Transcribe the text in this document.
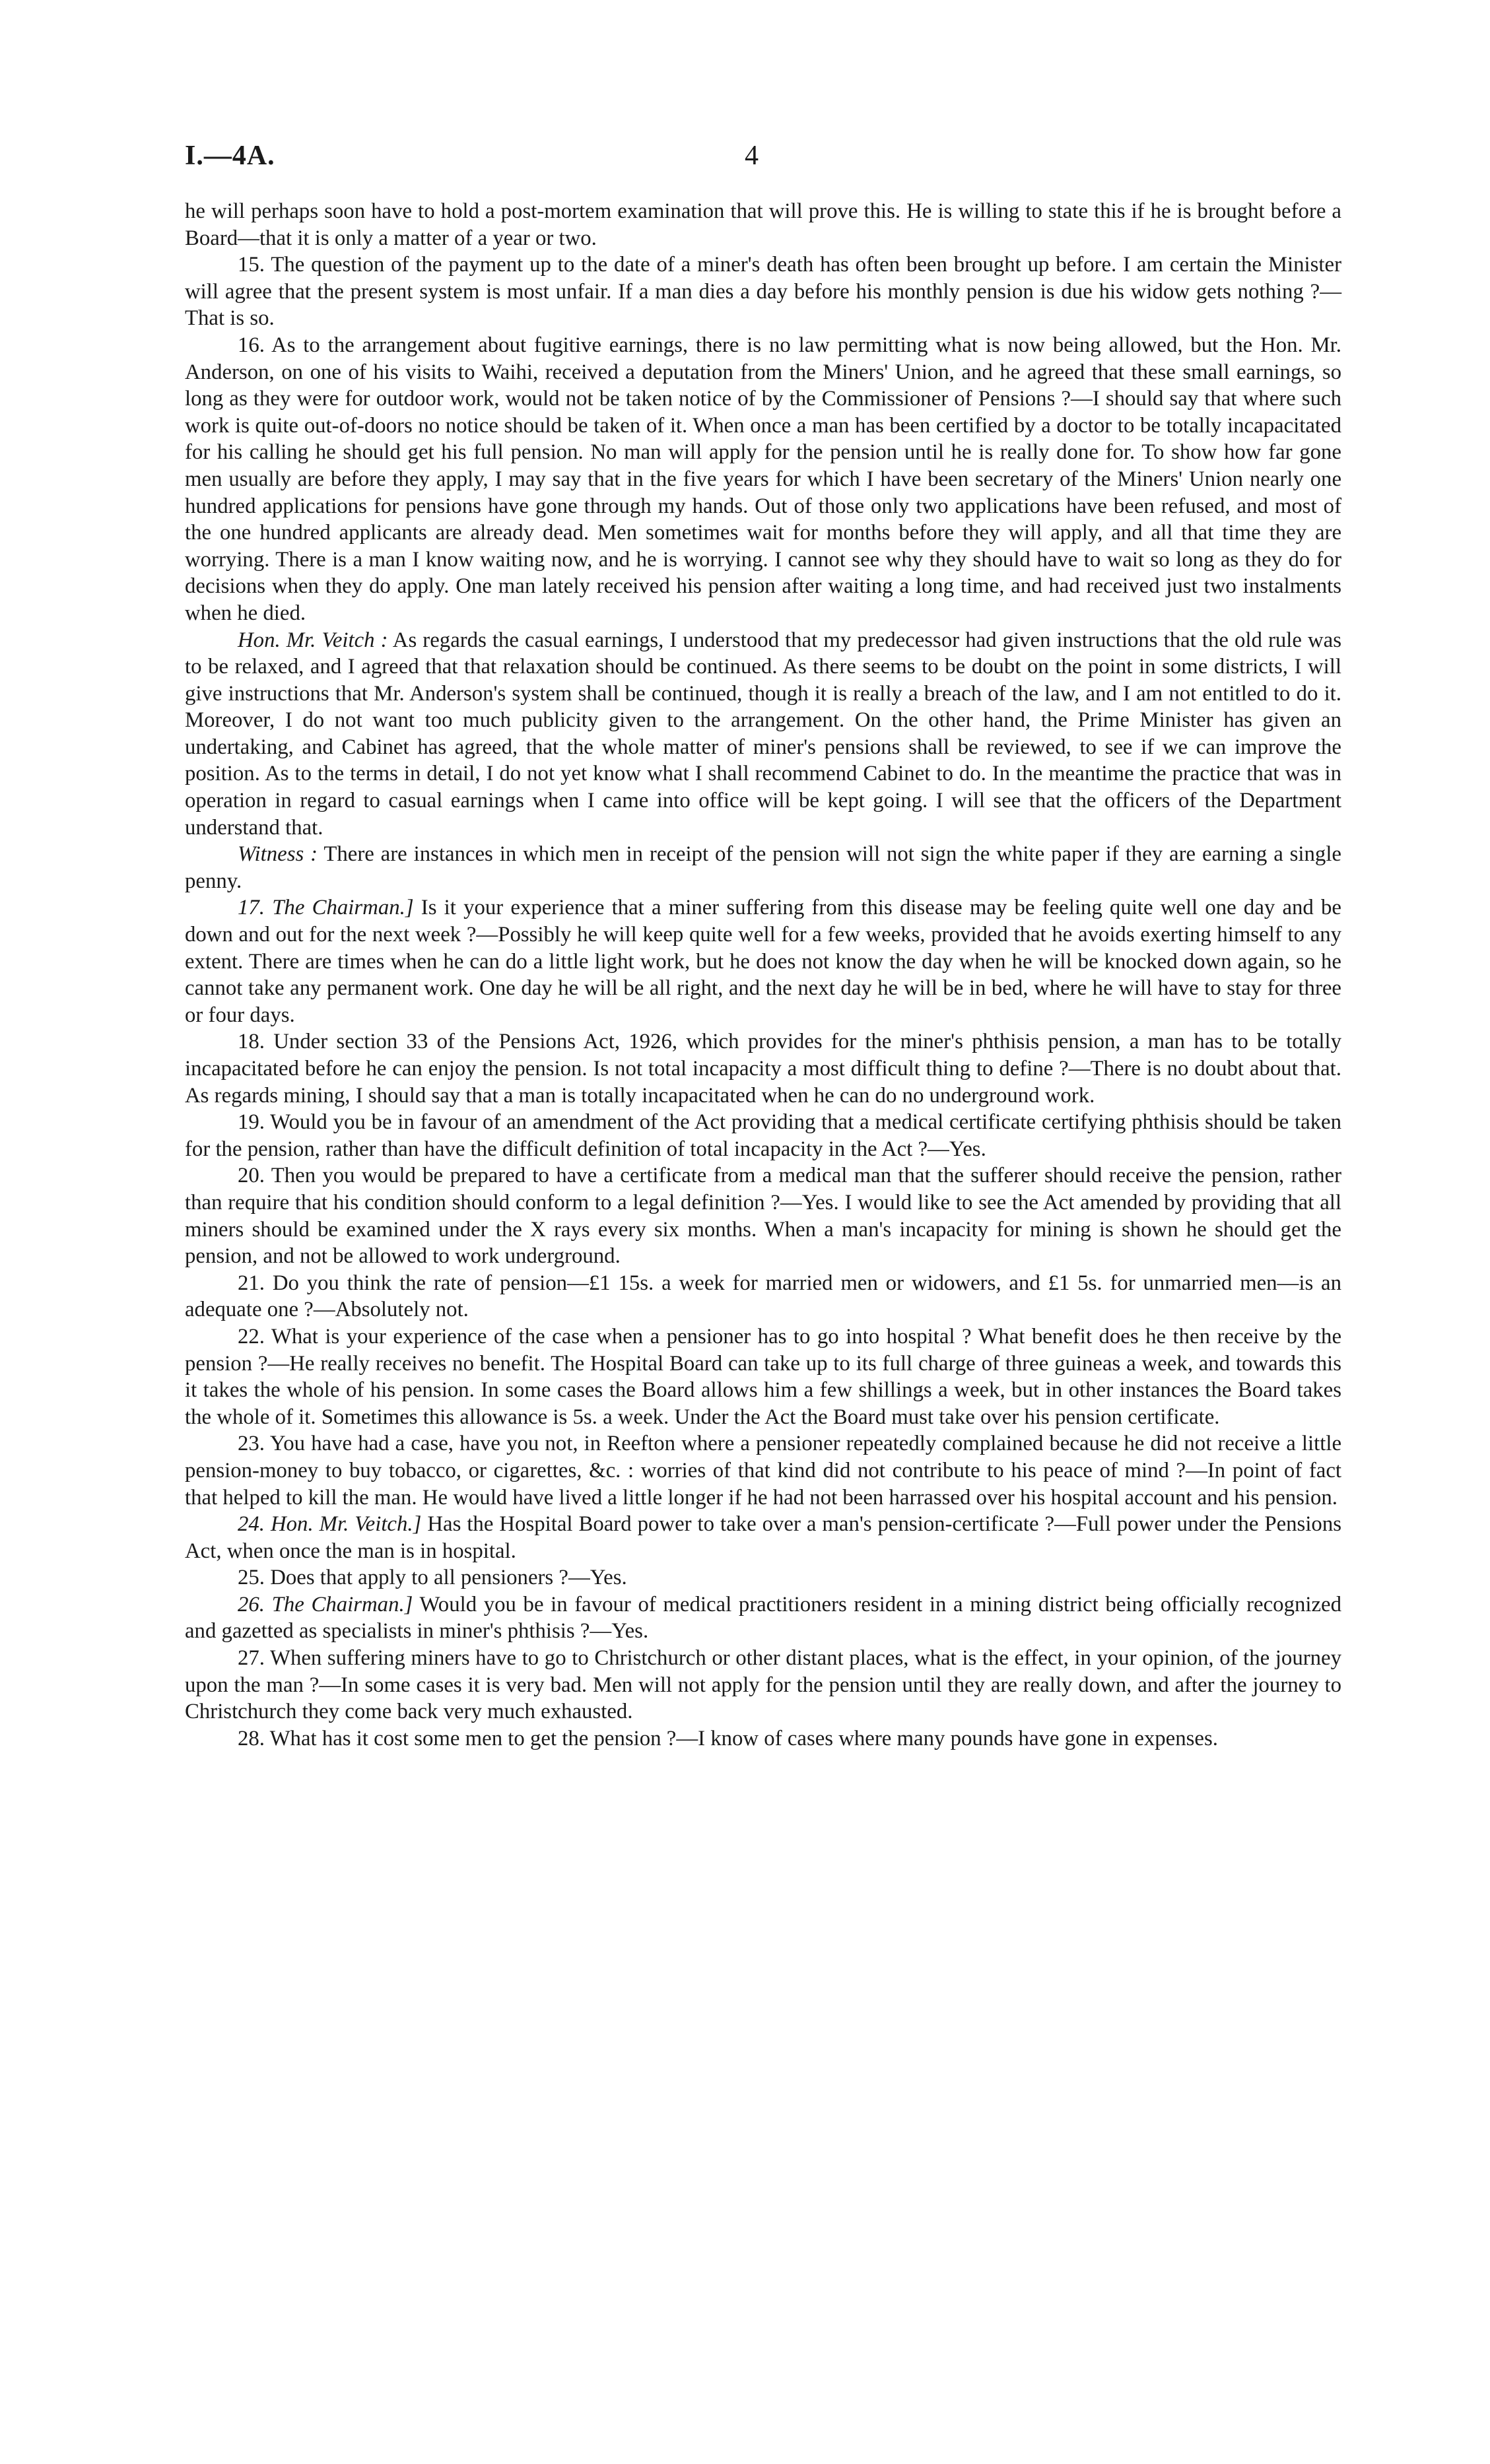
I.—4A.	4

he will perhaps soon have to hold a post-mortem examination that will prove this. He is willing to state this if he is brought before a Board—that it is only a matter of a year or two.

15. The question of the payment up to the date of a miner's death has often been brought up before. I am certain the Minister will agree that the present system is most unfair. If a man dies a day before his monthly pension is due his widow gets nothing ?—That is so.

16. As to the arrangement about fugitive earnings, there is no law permitting what is now being allowed, but the Hon. Mr. Anderson, on one of his visits to Waihi, received a deputation from the Miners' Union, and he agreed that these small earnings, so long as they were for outdoor work, would not be taken notice of by the Commissioner of Pensions ?—I should say that where such work is quite out-of-doors no notice should be taken of it. When once a man has been certified by a doctor to be totally incapacitated for his calling he should get his full pension. No man will apply for the pension until he is really done for. To show how far gone men usually are before they apply, I may say that in the five years for which I have been secretary of the Miners' Union nearly one hundred applications for pensions have gone through my hands. Out of those only two applications have been refused, and most of the one hundred applicants are already dead. Men sometimes wait for months before they will apply, and all that time they are worrying. There is a man I know waiting now, and he is worrying. I cannot see why they should have to wait so long as they do for decisions when they do apply. One man lately received his pension after waiting a long time, and had received just two instalments when he died.

Hon. Mr. Veitch : As regards the casual earnings, I understood that my predecessor had given instructions that the old rule was to be relaxed, and I agreed that that relaxation should be continued. As there seems to be doubt on the point in some districts, I will give instructions that Mr. Anderson's system shall be continued, though it is really a breach of the law, and I am not entitled to do it. Moreover, I do not want too much publicity given to the arrangement. On the other hand, the Prime Minister has given an undertaking, and Cabinet has agreed, that the whole matter of miner's pensions shall be reviewed, to see if we can improve the position. As to the terms in detail, I do not yet know what I shall recommend Cabinet to do. In the meantime the practice that was in operation in regard to casual earnings when I came into office will be kept going. I will see that the officers of the Department understand that.

Witness : There are instances in which men in receipt of the pension will not sign the white paper if they are earning a single penny.

17. The Chairman.] Is it your experience that a miner suffering from this disease may be feeling quite well one day and be down and out for the next week ?—Possibly he will keep quite well for a few weeks, provided that he avoids exerting himself to any extent. There are times when he can do a little light work, but he does not know the day when he will be knocked down again, so he cannot take any permanent work. One day he will be all right, and the next day he will be in bed, where he will have to stay for three or four days.

18. Under section 33 of the Pensions Act, 1926, which provides for the miner's phthisis pension, a man has to be totally incapacitated before he can enjoy the pension. Is not total incapacity a most difficult thing to define ?—There is no doubt about that. As regards mining, I should say that a man is totally incapacitated when he can do no underground work.

19. Would you be in favour of an amendment of the Act providing that a medical certificate certifying phthisis should be taken for the pension, rather than have the difficult definition of total incapacity in the Act ?—Yes.

20. Then you would be prepared to have a certificate from a medical man that the sufferer should receive the pension, rather than require that his condition should conform to a legal definition ?—Yes. I would like to see the Act amended by providing that all miners should be examined under the X rays every six months. When a man's incapacity for mining is shown he should get the pension, and not be allowed to work underground.

21. Do you think the rate of pension—£1 15s. a week for married men or widowers, and £1 5s. for unmarried men—is an adequate one ?—Absolutely not.

22. What is your experience of the case when a pensioner has to go into hospital ? What benefit does he then receive by the pension ?—He really receives no benefit. The Hospital Board can take up to its full charge of three guineas a week, and towards this it takes the whole of his pension. In some cases the Board allows him a few shillings a week, but in other instances the Board takes the whole of it. Sometimes this allowance is 5s. a week. Under the Act the Board must take over his pension certificate.

23. You have had a case, have you not, in Reefton where a pensioner repeatedly complained because he did not receive a little pension-money to buy tobacco, or cigarettes, &c. : worries of that kind did not contribute to his peace of mind ?—In point of fact that helped to kill the man. He would have lived a little longer if he had not been harrassed over his hospital account and his pension.

24. Hon. Mr. Veitch.] Has the Hospital Board power to take over a man's pension-certificate ?—Full power under the Pensions Act, when once the man is in hospital.

25. Does that apply to all pensioners ?—Yes.

26. The Chairman.] Would you be in favour of medical practitioners resident in a mining district being officially recognized and gazetted as specialists in miner's phthisis ?—Yes.

27. When suffering miners have to go to Christchurch or other distant places, what is the effect, in your opinion, of the journey upon the man ?—In some cases it is very bad. Men will not apply for the pension until they are really down, and after the journey to Christchurch they come back very much exhausted.

28. What has it cost some men to get the pension ?—I know of cases where many pounds have gone in expenses.
